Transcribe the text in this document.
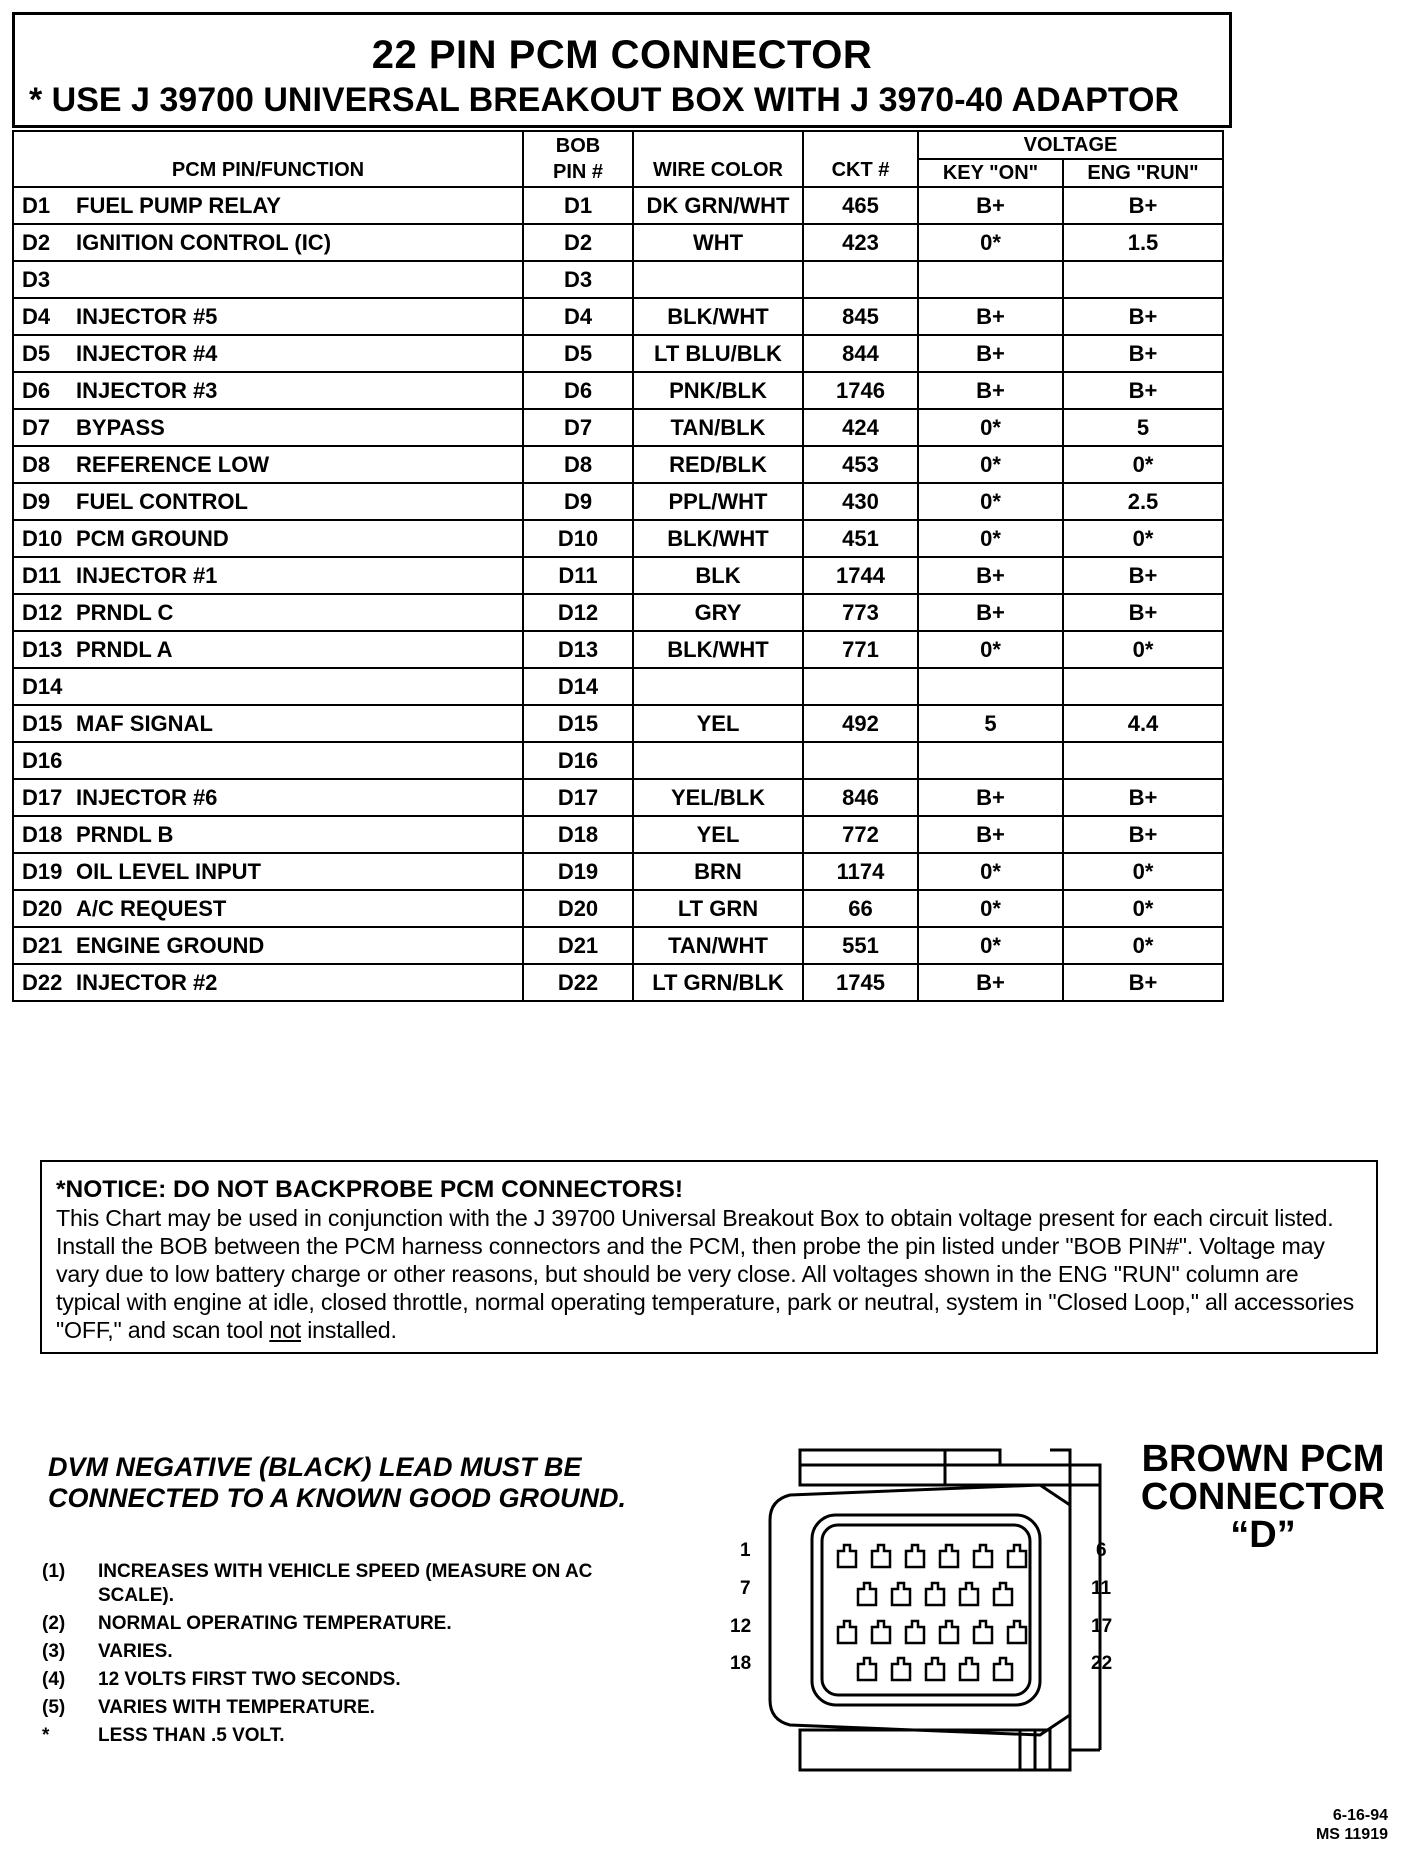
22 PIN PCM CONNECTOR
* USE J 39700 UNIVERSAL BREAKOUT BOX WITH J 3970-40 ADAPTOR
PCM PIN/FUNCTION	BOB PIN #	WIRE COLOR	CKT #	VOLTAGE	
				KEY "ON"	ENG "RUN"
D1 FUEL PUMP RELAY	D1	DK GRN/WHT	465	B+	B+
D2 IGNITION CONTROL (IC)	D2	WHT	423	0*	1.5
D3	D3				
D4 INJECTOR #5	D4	BLK/WHT	845	B+	B+
D5 INJECTOR #4	D5	LT BLU/BLK	844	B+	B+
D6 INJECTOR #3	D6	PNK/BLK	1746	B+	B+
D7 BYPASS	D7	TAN/BLK	424	0*	5
D8 REFERENCE LOW	D8	RED/BLK	453	0*	0*
D9 FUEL CONTROL	D9	PPL/WHT	430	0*	2.5
D10 PCM GROUND	D10	BLK/WHT	451	0*	0*
D11 INJECTOR #1	D11	BLK	1744	B+	B+
D12 PRNDL C	D12	GRY	773	B+	B+
D13 PRNDL A	D13	BLK/WHT	771	0*	0*
D14	D14				
D15 MAF SIGNAL	D15	YEL	492	5	4.4
D16	D16				
D17 INJECTOR #6	D17	YEL/BLK	846	B+	B+
D18 PRNDL B	D18	YEL	772	B+	B+
D19 OIL LEVEL INPUT	D19	BRN	1174	0*	0*
D20 A/C REQUEST	D20	LT GRN	66	0*	0*
D21 ENGINE GROUND	D21	TAN/WHT	551	0*	0*
D22 INJECTOR #2	D22	LT GRN/BLK	1745	B+	B+
*NOTICE: DO NOT BACKPROBE PCM CONNECTORS!
This Chart may be used in conjunction with the J 39700 Universal Breakout Box to obtain voltage present for each circuit listed. Install the BOB between the PCM harness connectors and the PCM, then probe the pin listed under "BOB PIN#". Voltage may vary due to low battery charge or other reasons, but should be very close. All voltages shown in the ENG "RUN" column are typical with engine at idle, closed throttle, normal operating temperature, park or neutral, system in "Closed Loop," all accessories "OFF," and scan tool not installed.
DVM NEGATIVE (BLACK) LEAD MUST BE
CONNECTED TO A KNOWN GOOD GROUND.
(1) INCREASES WITH VEHICLE SPEED (MEASURE ON AC SCALE).
(2) NORMAL OPERATING TEMPERATURE.
(3) VARIES.
(4) 12 VOLTS FIRST TWO SECONDS.
(5) VARIES WITH TEMPERATURE.
*	LESS THAN .5 VOLT.
1
7
12
18
6
11
17
22
BROWN PCM
CONNECTOR
“D”
6-16-94
MS 11919
